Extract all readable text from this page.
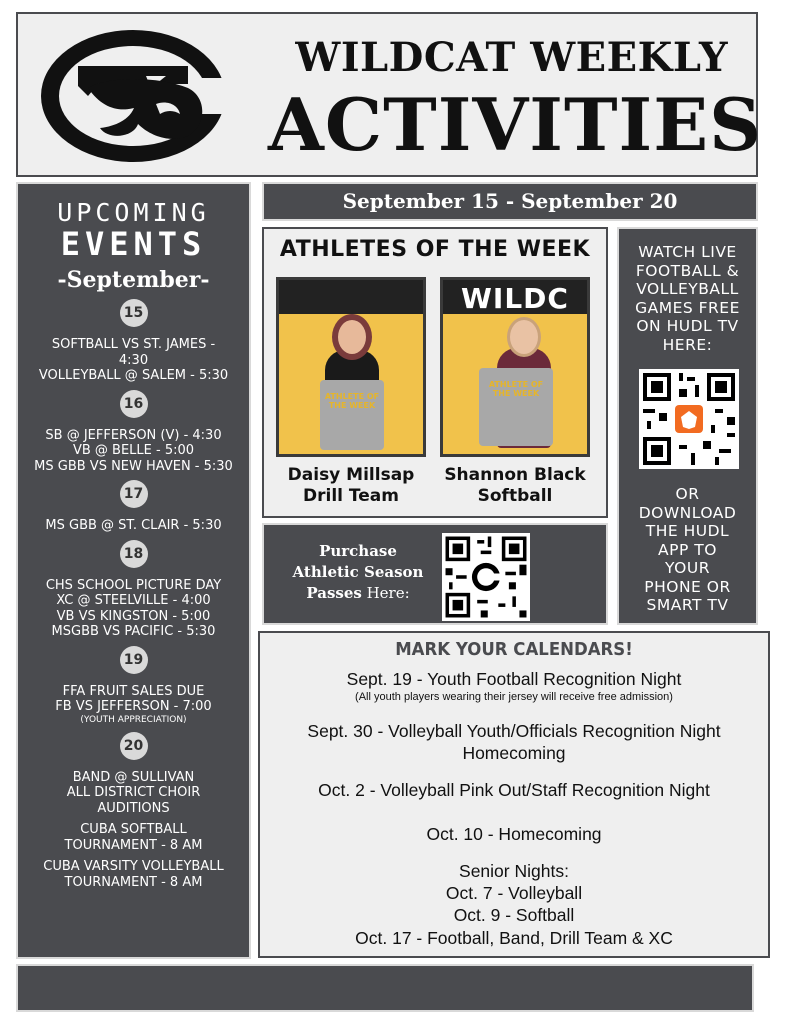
WILDCAT WEEKLY
ACTIVITIES
UPCOMING
EVENTS
-September-
15
SOFTBALL VS ST. JAMES -
4:30
VOLLEYBALL @ SALEM - 5:30
16
SB @ JEFFERSON (V) - 4:30
VB @ BELLE - 5:00
MS GBB VS NEW HAVEN - 5:30
17
MS GBB @ ST. CLAIR - 5:30
18
CHS SCHOOL PICTURE DAY
XC @ STEELVILLE - 4:00
VB VS KINGSTON - 5:00
MSGBB VS PACIFIC - 5:30
19
FFA FRUIT SALES DUE
FB VS JEFFERSON - 7:00
(YOUTH APPRECIATION)
20
BAND @ SULLIVAN
ALL DISTRICT CHOIR
AUDITIONS
CUBA SOFTBALL
TOURNAMENT - 8 AM
CUBA VARSITY VOLLEYBALL
TOURNAMENT - 8 AM
September 15 - September 20
ATHLETES OF THE WEEK
ATHLETE OF THE WEEK
WILDC
ATHLETE OF THE WEEK
Daisy Millsap
Drill Team
Shannon Black
Softball
WATCH LIVE
FOOTBALL &
VOLLEYBALL
GAMES FREE
ON HUDL TV
HERE:
OR
DOWNLOAD
THE HUDL
APP TO
YOUR
PHONE OR
SMART TV
Purchase
Athletic Season
Passes Here:
MARK YOUR CALENDARS!
Sept. 19 - Youth Football Recognition Night
(All youth players wearing their jersey will receive free admission)
Sept. 30 - Volleyball Youth/Officials Recognition Night
Homecoming
Oct. 2 - Volleyball Pink Out/Staff Recognition Night
Oct. 10 - Homecoming
Senior Nights:
Oct. 7 - Volleyball
Oct. 9 - Softball
Oct. 17 - Football, Band, Drill Team & XC
